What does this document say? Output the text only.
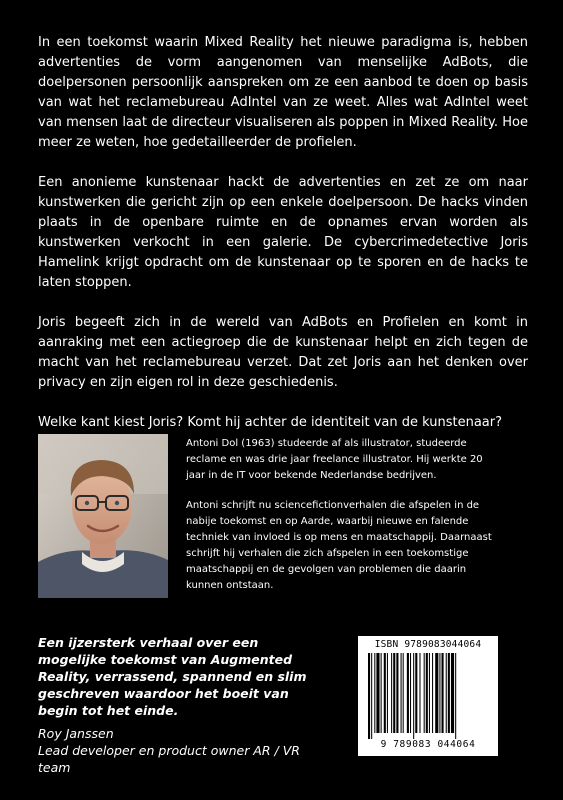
In een toekomst waarin Mixed Reality het nieuwe paradigma is, hebben advertenties de vorm aangenomen van menselijke AdBots, die doelpersonen persoonlijk aanspreken om ze een aanbod te doen op basis van wat het reclamebureau AdIntel van ze weet. Alles wat AdIntel weet van mensen laat de directeur visualiseren als poppen in Mixed Reality. Hoe meer ze weten, hoe gedetailleerder de profielen.

Een anonieme kunstenaar hackt de advertenties en zet ze om naar kunstwerken die gericht zijn op een enkele doelpersoon. De hacks vinden plaats in de openbare ruimte en de opnames ervan worden als kunstwerken verkocht in een galerie. De cybercrimedetective Joris Hamelink krijgt opdracht om de kunstenaar op te sporen en de hacks te laten stoppen.

Joris begeeft zich in de wereld van AdBots en Profielen en komt in aanraking met een actiegroep die de kunstenaar helpt en zich tegen de macht van het reclamebureau verzet. Dat zet Joris aan het denken over privacy en zijn eigen rol in deze geschiedenis.

Welke kant kiest Joris? Komt hij achter de identiteit van de kunstenaar?

Antoni Dol (1963) studeerde af als illustrator, studeerde reclame en was drie jaar freelance illustrator. Hij werkte 20 jaar in de IT voor bekende Nederlandse bedrijven.

Antoni schrijft nu sciencefictionverhalen die afspelen in de nabije toekomst en op Aarde, waarbij nieuwe en falende techniek van invloed is op mens en maatschappij. Daarnaast schrijft hij verhalen die zich afspelen in een toekomstige maatschappij en de gevolgen van problemen die daarin kunnen ontstaan.

Een ijzersterk verhaal over een mogelijke toekomst van Augmented Reality, verrassend, spannend en slim geschreven waardoor het boeit van begin tot het einde.

Roy Janssen
Lead developer en product owner AR / VR team
ISBN 9789083044064
9 789083 044064
